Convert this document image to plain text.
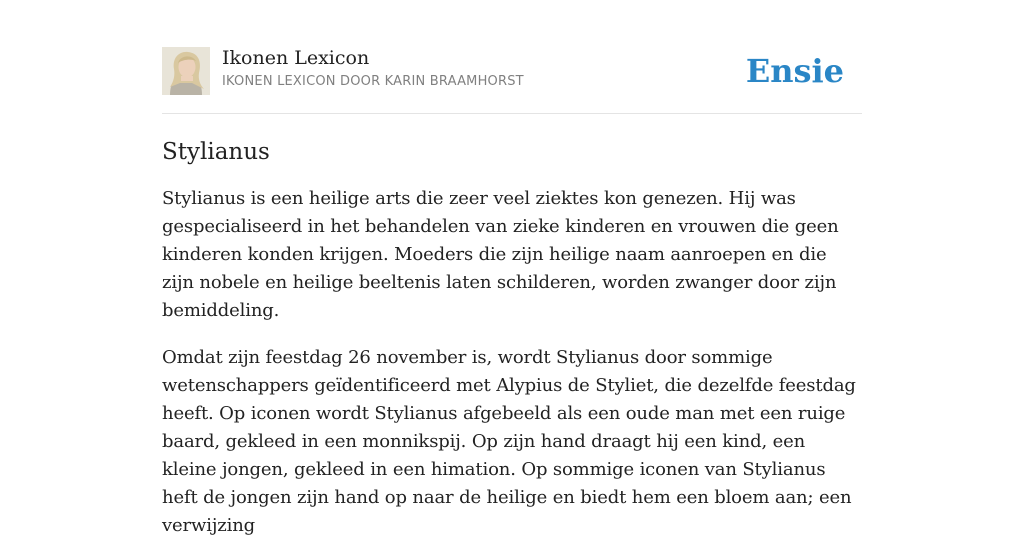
Ikonen Lexicon
IKONEN LEXICON DOOR KARIN BRAAMHORST	Ensie
Stylianus

Stylianus is een heilige arts die zeer veel ziektes kon genezen. Hij was gespecialiseerd in het behandelen van zieke kinderen en vrouwen die geen kinderen konden krijgen. Moeders die zijn heilige naam aanroepen en die zijn nobele en heilige beeltenis laten schilderen, worden zwanger door zijn bemiddeling.

Omdat zijn feestdag 26 november is, wordt Stylianus door sommige wetenschappers geïdentificeerd met Alypius de Styliet, die dezelfde feestdag heeft. Op iconen wordt Stylianus afgebeeld als een oude man met een ruige baard, gekleed in een monnikspij. Op zijn hand draagt hij een kind, een kleine jongen, gekleed in een himation. Op sommige iconen van Stylianus heft de jongen zijn hand op naar de heilige en biedt hem een bloem aan; een verwijzing
